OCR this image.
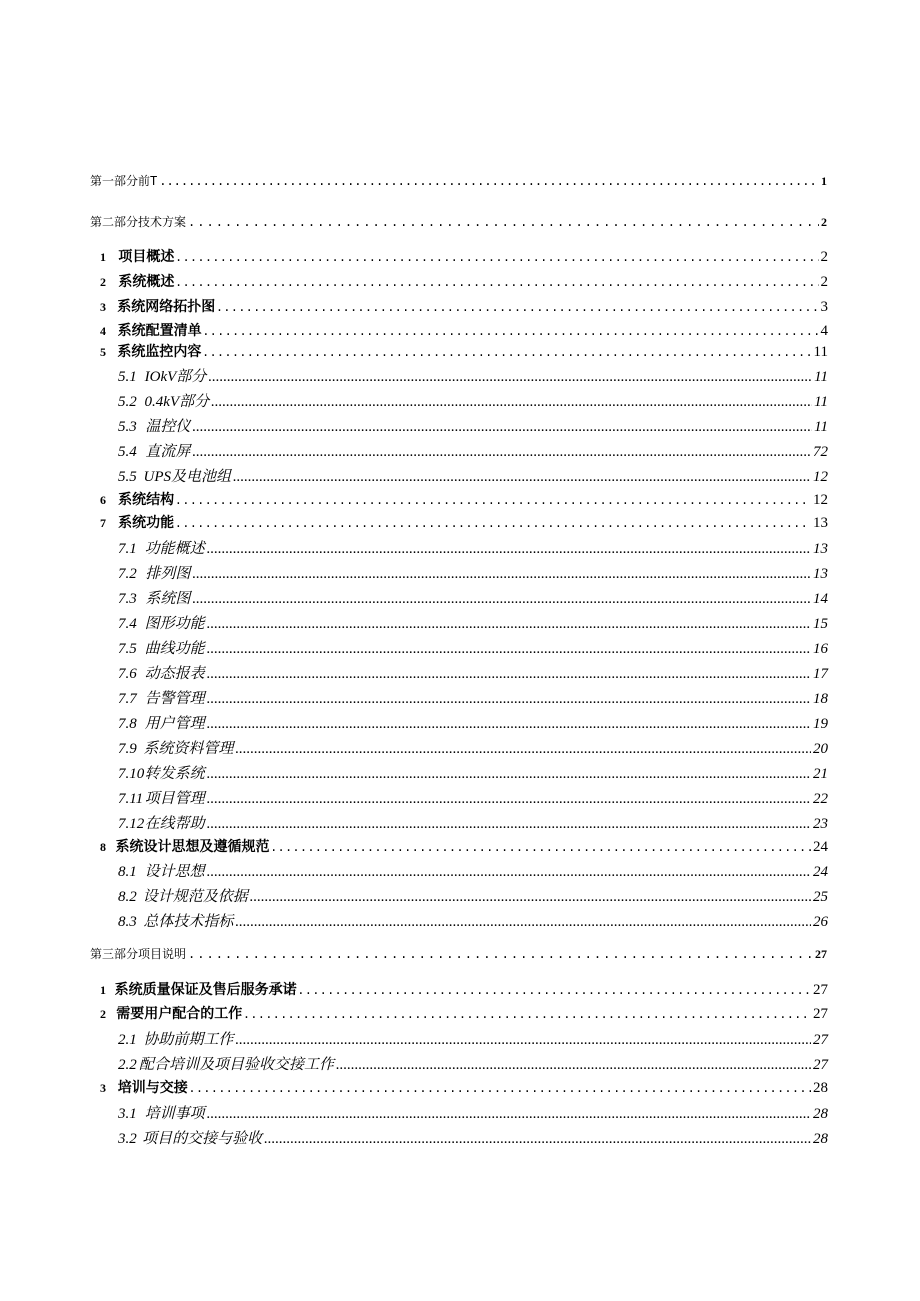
第一部分前T .....	1
第二部分技术方案 .....	2
1 项目概述 .....	2
2 系统概述 .....	2
3 系统网络拓扑图 .....	3
4 系统配置清单 .....	4
5 系统监控内容 .....	11
5.1 IOkV部分 .....	11
5.2 0.4kV部分 .....	11
5.3 温控仪 .....	11
5.4 直流屏 .....	72
5.5 UPS及电池组 .....	12
6 系统结构 .....	12
7 系统功能 .....	13
7.1 功能概述 .....	13
7.2 排列图 .....	13
7.3 系统图 .....	14
7.4 图形功能 .....	15
7.5 曲线功能 .....	16
7.6 动态报表 .....	17
7.7 告警管理 .....	18
7.8 用户管理 .....	19
7.9 系统资料管理 .....	20
7.10 转发系统 .....	21
7.11 项目管理 .....	22
7.12 在线帮助 .....	23
8 系统设计思想及遵循规范 .....	24
8.1 设计思想 .....	24
8.2 设计规范及依据 .....	25
8.3 总体技术指标 .....	26
第三部分项目说明 .....	27
1 系统质量保证及售后服务承诺 .....	27
2 需要用户配合的工作 .....	27
2.1 协助前期工作 .....	27
2.2 配合培训及项目验收交接工作 .....	27
3 培训与交接 .....	28
3.1 培训事项 .....	28
3.2 项目的交接与验收 .....	28
